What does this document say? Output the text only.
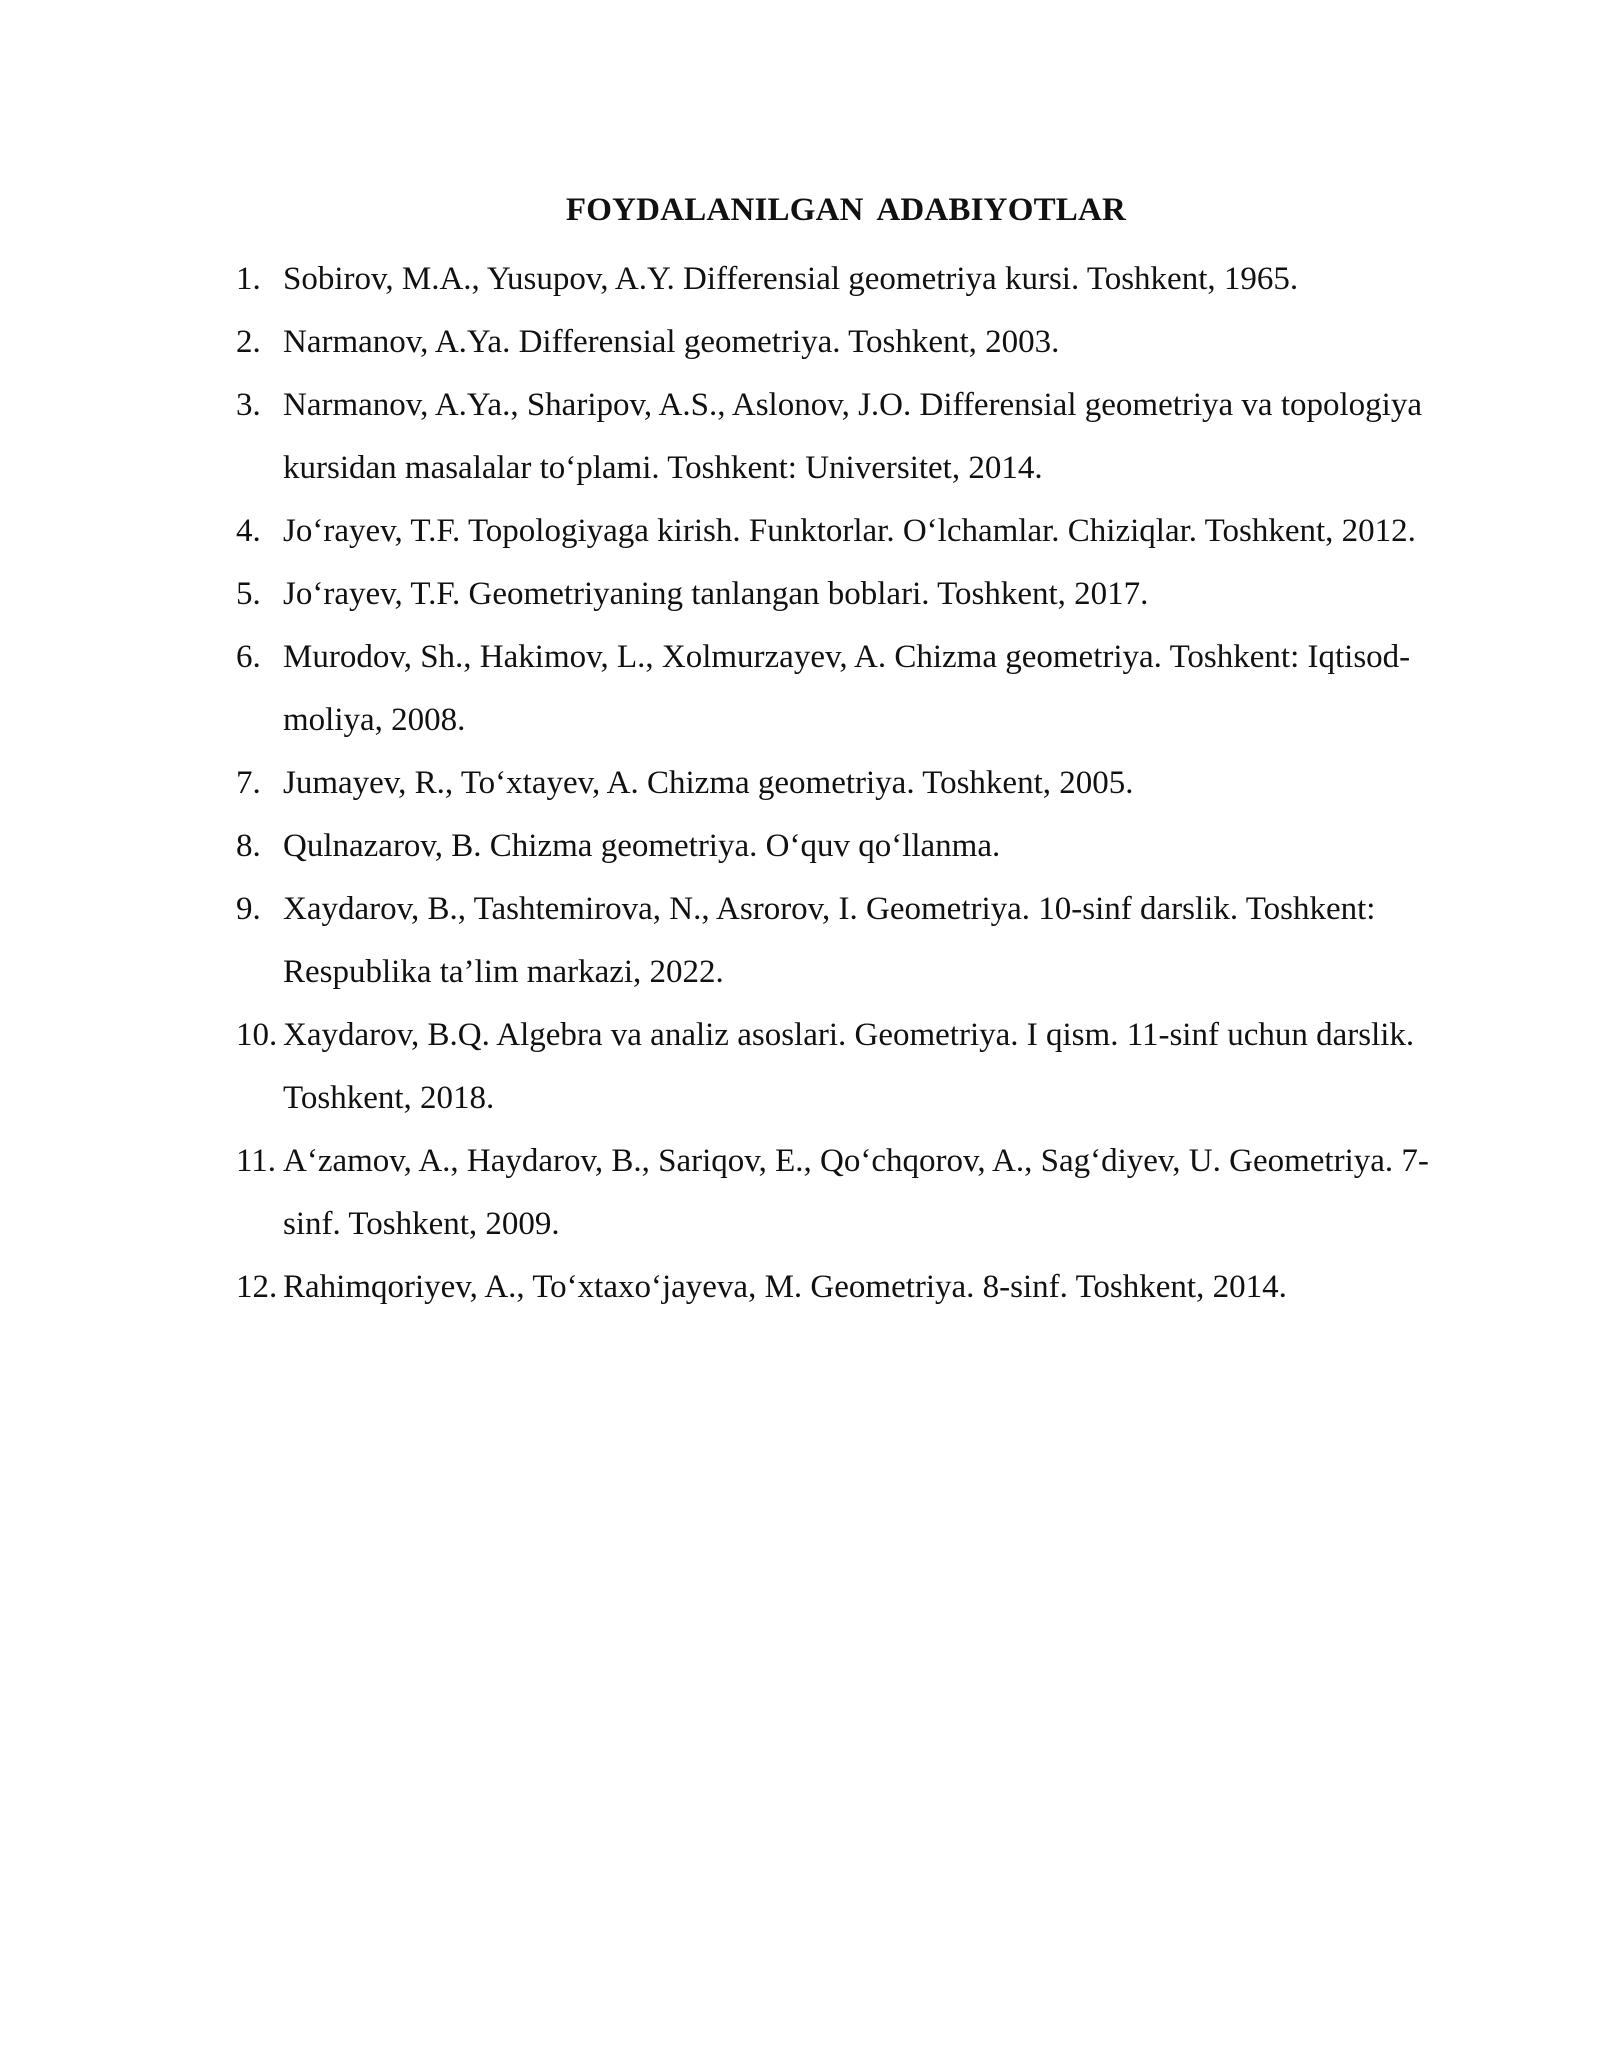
FOYDALANILGAN ADABIYOTLAR
1. Sobirov, M.A., Yusupov, A.Y. Differensial geometriya kursi. Toshkent, 1965.
2. Narmanov, A.Ya. Differensial geometriya. Toshkent, 2003.
3. Narmanov, A.Ya., Sharipov, A.S., Aslonov, J.O. Differensial geometriya va topologiya kursidan masalalar to‘plami. Toshkent: Universitet, 2014.
4. Jo‘rayev, T.F. Topologiyaga kirish. Funktorlar. O‘lchamlar. Chiziqlar. Toshkent, 2012.
5. Jo‘rayev, T.F. Geometriyaning tanlangan boblari. Toshkent, 2017.
6. Murodov, Sh., Hakimov, L., Xolmurzayev, A. Chizma geometriya. Toshkent: Iqtisod-moliya, 2008.
7. Jumayev, R., To‘xtayev, A. Chizma geometriya. Toshkent, 2005.
8. Qulnazarov, B. Chizma geometriya. O‘quv qo‘llanma.
9. Xaydarov, B., Tashtemirova, N., Asrorov, I. Geometriya. 10-sinf darslik. Toshkent: Respublika ta’lim markazi, 2022.
10. Xaydarov, B.Q. Algebra va analiz asoslari. Geometriya. I qism. 11-sinf uchun darslik. Toshkent, 2018.
11. A‘zamov, A., Haydarov, B., Sariqov, E., Qo‘chqorov, A., Sag‘diyev, U. Geometriya. 7-sinf. Toshkent, 2009.
12. Rahimqoriyev, A., To‘xtaxo‘jayeva, M. Geometriya. 8-sinf. Toshkent, 2014.
